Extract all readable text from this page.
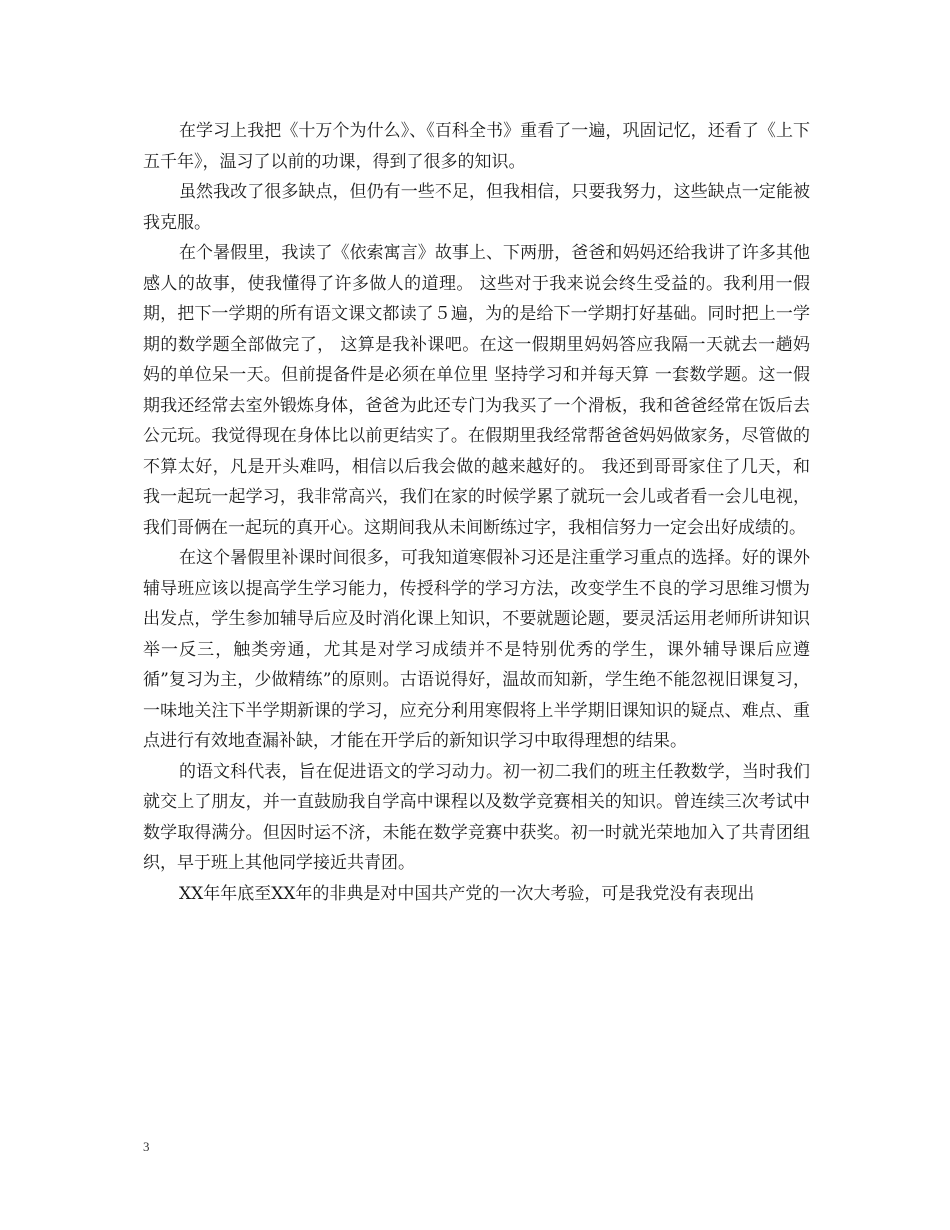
在学习上我把《十万个为什么》、《百科全书》重看了一遍，巩固记忆，还看了《上下五千年》，温习了以前的功课，得到了很多的知识。

虽然我改了很多缺点，但仍有一些不足，但我相信，只要我努力，这些缺点一定能被我克服。

在个暑假里，我读了《依索寓言》故事上、下两册，爸爸和妈妈还给我讲了许多其他感人的故事，使我懂得了许多做人的道理。 这些对于我来说会终生受益的。我利用一假期，把下一学期的所有语文课文都读了５遍，为的是给下一学期打好基础。同时把上一学期的数学题全部做完了， 这算是我补课吧。在这一假期里妈妈答应我隔一天就去一趟妈妈的单位呆一天。但前提备件是必须在单位里 坚持学习和并每天算 一套数学题。这一假期我还经常去室外锻炼身体，爸爸为此还专门为我买了一个滑板，我和爸爸经常在饭后去公元玩。我觉得现在身体比以前更结实了。在假期里我经常帮爸爸妈妈做家务，尽管做的不算太好，凡是开头难吗，相信以后我会做的越来越好的。 我还到哥哥家住了几天，和我一起玩一起学习，我非常高兴，我们在家的时候学累了就玩一会儿或者看一会儿电视，我们哥俩在一起玩的真开心。这期间我从未间断练过字，我相信努力一定会出好成绩的。

在这个暑假里补课时间很多，可我知道寒假补习还是注重学习重点的选择。好的课外辅导班应该以提高学生学习能力，传授科学的学习方法，改变学生不良的学习思维习惯为出发点，学生参加辅导后应及时消化课上知识，不要就题论题，要灵活运用老师所讲知识举一反三，触类旁通，尤其是对学习成绩并不是特别优秀的学生，课外辅导课后应遵循”复习为主，少做精练”的原则。古语说得好，温故而知新，学生绝不能忽视旧课复习，一味地关注下半学期新课的学习，应充分利用寒假将上半学期旧课知识的疑点、难点、重点进行有效地查漏补缺，才能在开学后的新知识学习中取得理想的结果。

的语文科代表，旨在促进语文的学习动力。初一初二我们的班主任教数学，当时我们就交上了朋友，并一直鼓励我自学高中课程以及数学竞赛相关的知识。曾连续三次考试中数学取得满分。但因时运不济，未能在数学竞赛中获奖。初一时就光荣地加入了共青团组织，早于班上其他同学接近共青团。

XX年年底至XX年的非典是对中国共产党的一次大考验，可是我党没有表现出

3
